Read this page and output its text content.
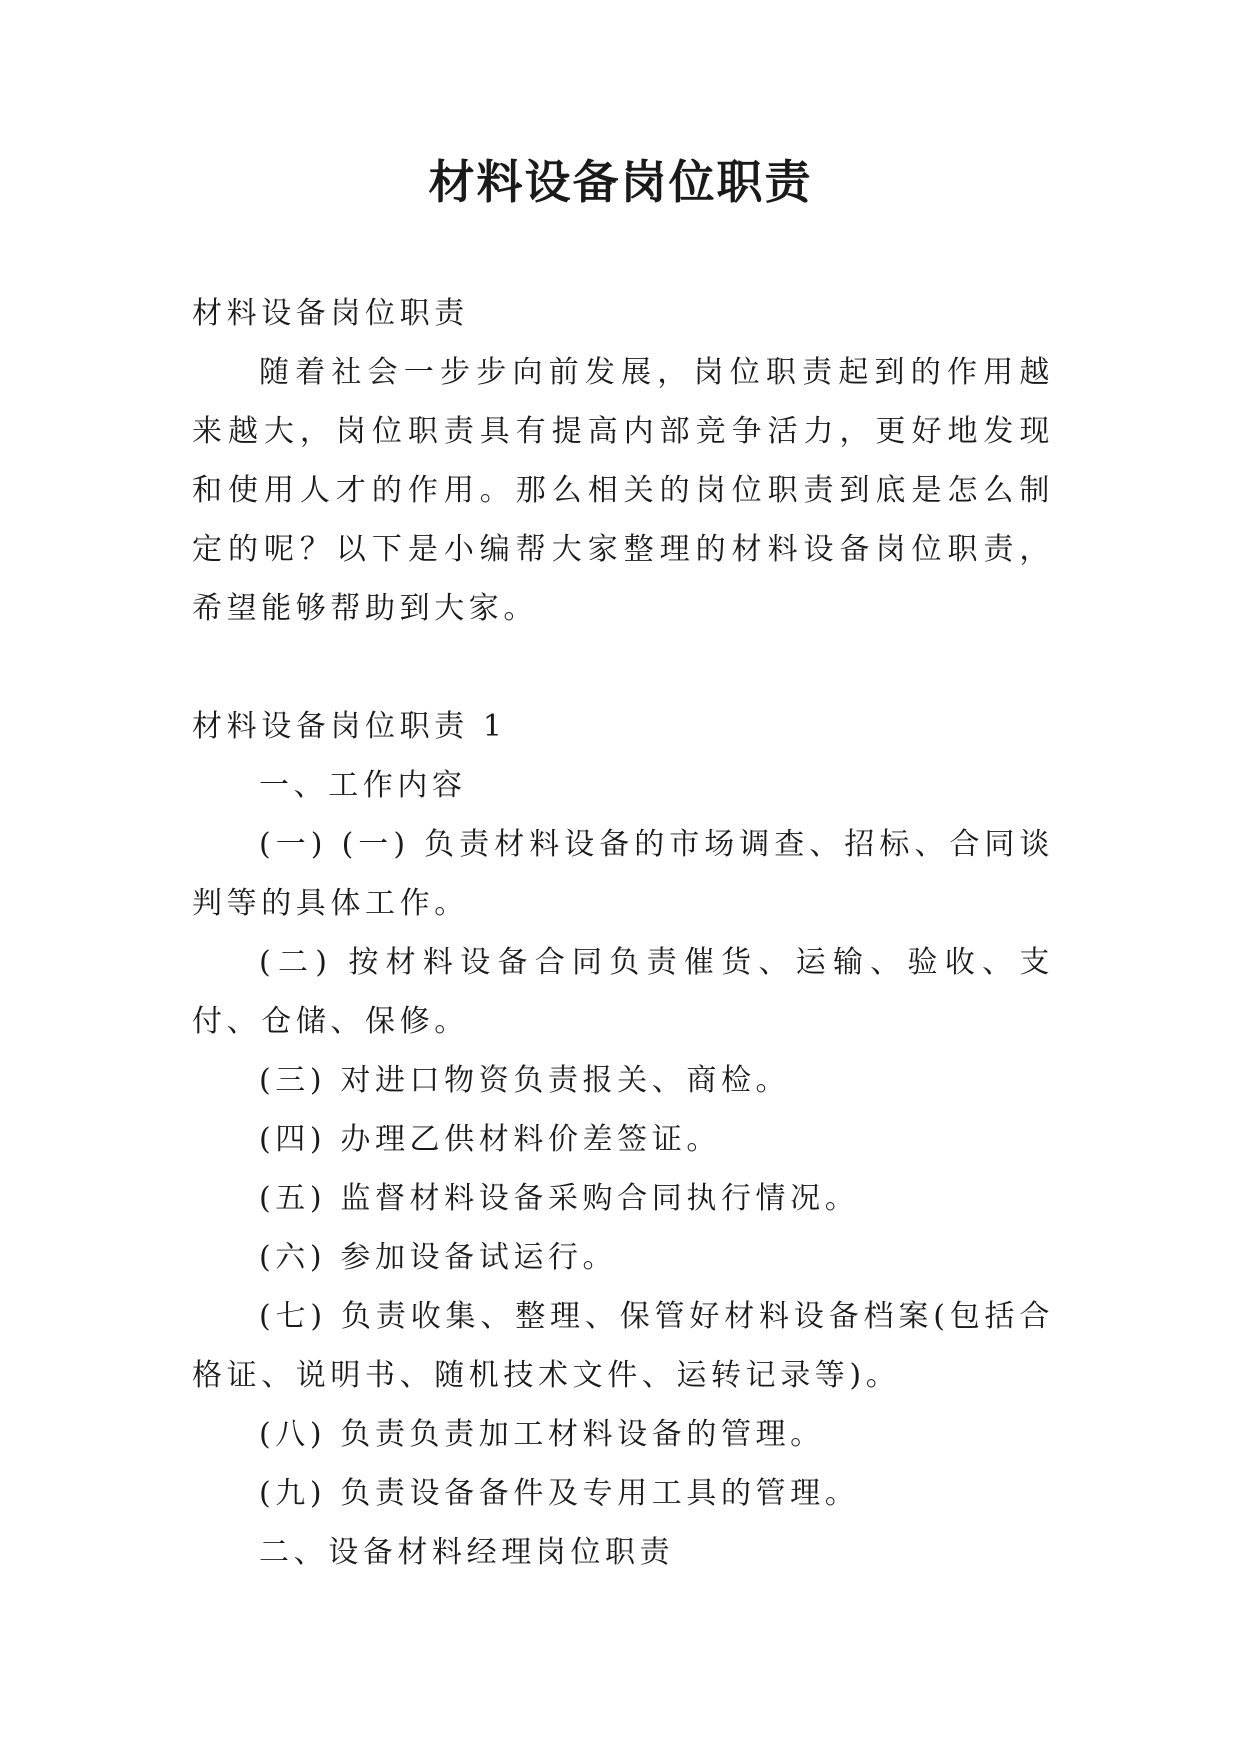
材料设备岗位职责

材料设备岗位职责

随着社会一步步向前发展，岗位职责起到的作用越来越大，岗位职责具有提高内部竞争活力，更好地发现和使用人才的作用。那么相关的岗位职责到底是怎么制定的呢？以下是小编帮大家整理的材料设备岗位职责，希望能够帮助到大家。

材料设备岗位职责 1

一、工作内容

(一) (一) 负责材料设备的市场调查、招标、合同谈判等的具体工作。

(二) 按材料设备合同负责催货、运输、验收、支付、仓储、保修。

(三) 对进口物资负责报关、商检。

(四) 办理乙供材料价差签证。

(五) 监督材料设备采购合同执行情况。

(六) 参加设备试运行。

(七) 负责收集、整理、保管好材料设备档案(包括合格证、说明书、随机技术文件、运转记录等)。

(八) 负责负责加工材料设备的管理。

(九) 负责设备备件及专用工具的管理。

二、设备材料经理岗位职责
